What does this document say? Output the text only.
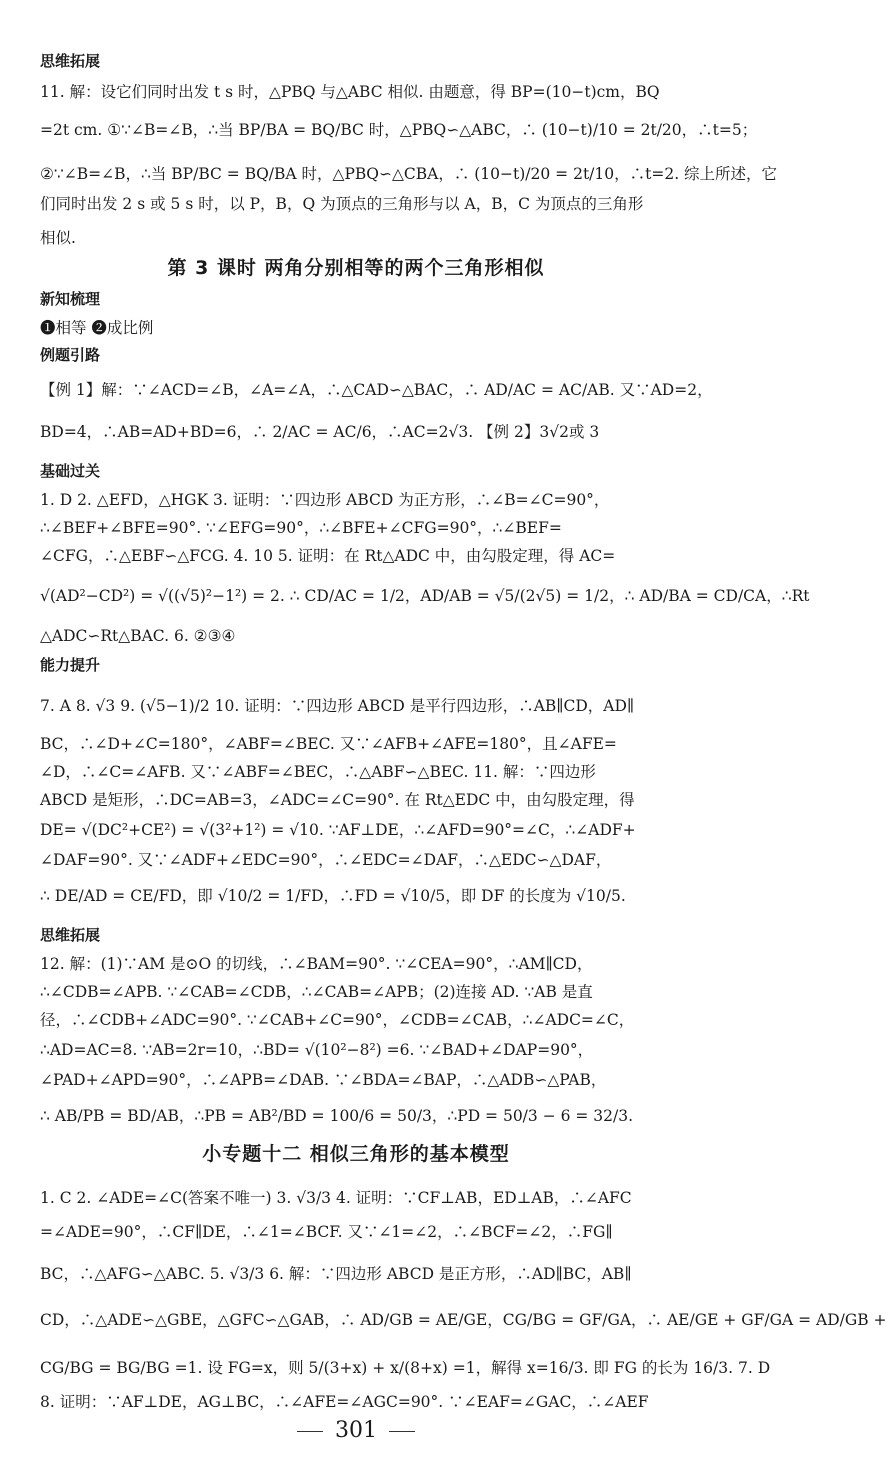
思维拓展
11. 解：设它们同时出发 t s 时，△PBQ 与△ABC 相似. 由题意，得 BP=(10−t)cm，BQ
=2t cm. ①∵∠B=∠B，∴当 BP/BA = BQ/BC 时，△PBQ∽△ABC，∴ (10−t)/10 = 2t/20，∴t=5；
②∵∠B=∠B，∴当 BP/BC = BQ/BA 时，△PBQ∽△CBA，∴ (10−t)/20 = 2t/10，∴t=2. 综上所述，它
们同时出发 2 s 或 5 s 时，以 P，B，Q 为顶点的三角形与以 A，B，C 为顶点的三角形
相似.
第 3 课时 两角分别相等的两个三角形相似
新知梳理
❶相等 ❷成比例
例题引路
【例 1】解：∵∠ACD=∠B，∠A=∠A，∴△CAD∽△BAC，∴ AD/AC = AC/AB. 又∵AD=2，
BD=4，∴AB=AD+BD=6，∴ 2/AC = AC/6，∴AC=2√3. 【例 2】3√2或 3
基础过关
1. D 2. △EFD，△HGK 3. 证明：∵四边形 ABCD 为正方形，∴∠B=∠C=90°，
∴∠BEF+∠BFE=90°. ∵∠EFG=90°，∴∠BFE+∠CFG=90°，∴∠BEF=
∠CFG，∴△EBF∽△FCG. 4. 10 5. 证明：在 Rt△ADC 中，由勾股定理，得 AC=
√(AD²−CD²) = √((√5)²−1²) = 2. ∴ CD/AC = 1/2，AD/AB = √5/(2√5) = 1/2，∴ AD/BA = CD/CA，∴Rt
△ADC∽Rt△BAC. 6. ②③④
能力提升
7. A 8. √3 9. (√5−1)/2 10. 证明：∵四边形 ABCD 是平行四边形，∴AB∥CD，AD∥
BC，∴∠D+∠C=180°，∠ABF=∠BEC. 又∵∠AFB+∠AFE=180°，且∠AFE=
∠D，∴∠C=∠AFB. 又∵∠ABF=∠BEC，∴△ABF∽△BEC. 11. 解：∵四边形
ABCD 是矩形，∴DC=AB=3，∠ADC=∠C=90°. 在 Rt△EDC 中，由勾股定理，得
DE= √(DC²+CE²) = √(3²+1²) = √10. ∵AF⊥DE，∴∠AFD=90°=∠C，∴∠ADF+
∠DAF=90°. 又∵∠ADF+∠EDC=90°，∴∠EDC=∠DAF，∴△EDC∽△DAF，
∴ DE/AD = CE/FD，即 √10/2 = 1/FD，∴FD = √10/5，即 DF 的长度为 √10/5.
思维拓展
12. 解：(1)∵AM 是⊙O 的切线，∴∠BAM=90°. ∵∠CEA=90°，∴AM∥CD，
∴∠CDB=∠APB. ∵∠CAB=∠CDB，∴∠CAB=∠APB；(2)连接 AD. ∵AB 是直
径，∴∠CDB+∠ADC=90°. ∵∠CAB+∠C=90°，∠CDB=∠CAB，∴∠ADC=∠C，
∴AD=AC=8. ∵AB=2r=10，∴BD= √(10²−8²) =6. ∵∠BAD+∠DAP=90°，
∠PAD+∠APD=90°，∴∠APB=∠DAB. ∵∠BDA=∠BAP，∴△ADB∽△PAB，
∴ AB/PB = BD/AB，∴PB = AB²/BD = 100/6 = 50/3，∴PD = 50/3 − 6 = 32/3.
小专题十二 相似三角形的基本模型
1. C 2. ∠ADE=∠C(答案不唯一) 3. √3/3 4. 证明：∵CF⊥AB，ED⊥AB，∴∠AFC
=∠ADE=90°，∴CF∥DE，∴∠1=∠BCF. 又∵∠1=∠2，∴∠BCF=∠2，∴FG∥
BC，∴△AFG∽△ABC. 5. √3/3 6. 解：∵四边形 ABCD 是正方形，∴AD∥BC，AB∥
CD，∴△ADE∽△GBE，△GFC∽△GAB，∴ AD/GB = AE/GE，CG/BG = GF/GA，∴ AE/GE + GF/GA = AD/GB +
CG/BG = BG/BG =1. 设 FG=x，则 5/(3+x) + x/(8+x) =1，解得 x=16/3. 即 FG 的长为 16/3. 7. D
8. 证明：∵AF⊥DE，AG⊥BC，∴∠AFE=∠AGC=90°. ∵∠EAF=∠GAC，∴∠AEF
301
